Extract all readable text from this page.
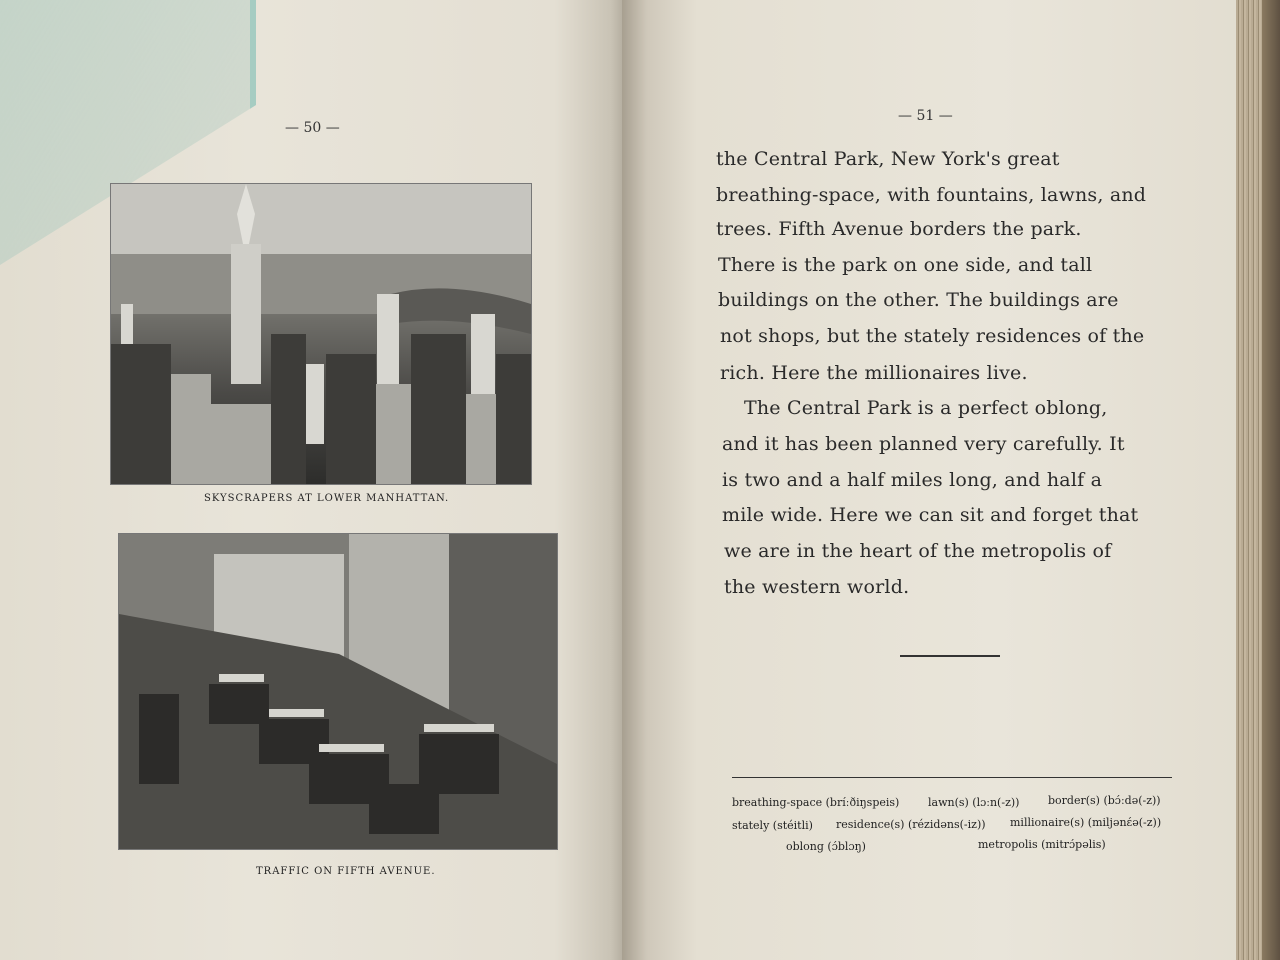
— 50 —
SKYSCRAPERS AT LOWER MANHATTAN.
TRAFFIC ON FIFTH AVENUE.
— 51 —
the Central Park, New York's great
breathing-space, with fountains, lawns, and
trees. Fifth Avenue borders the park.
There is the park on one side, and tall
buildings on the other. The buildings are
not shops, but the stately residences of the
rich. Here the millionaires live.
The Central Park is a perfect oblong,
and it has been planned very carefully. It
is two and a half miles long, and half a
mile wide. Here we can sit and forget that
we are in the heart of the metropolis of
the western world.
breathing-space (bríːðiŋspeis)	lawn(s) (lɔːn(-z))	border(s) (bɔ́ːdə(-z))
stately (stéitli) residence(s) (rézidəns(-iz)) millionaire(s) (miljənɛ́ə(-z))
oblong (ɔ́blɔŋ)	metropolis (mitrɔ́pəlis)
